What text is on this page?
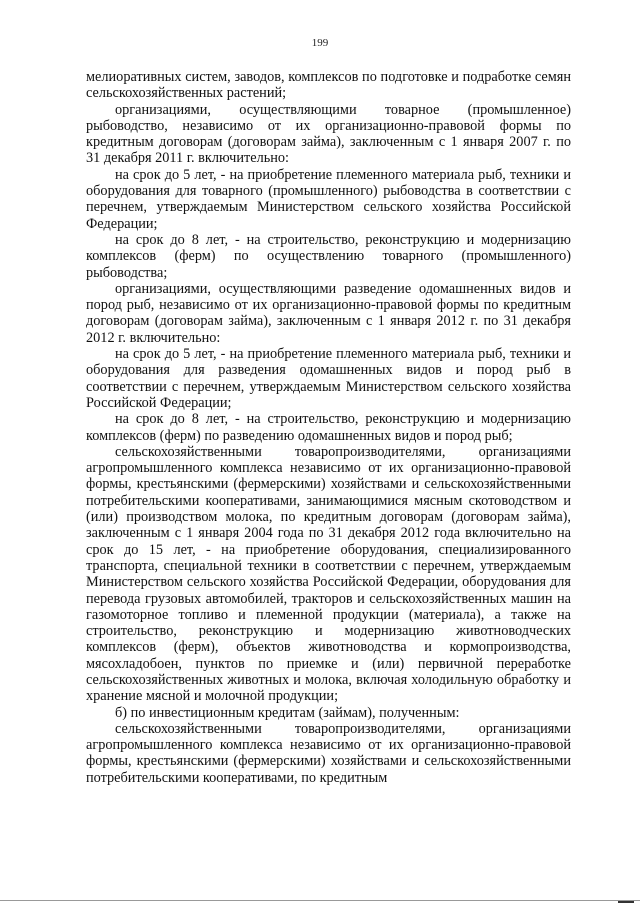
199

мелиоративных систем, заводов, комплексов по подготовке и подработке семян сельскохозяйственных растений;

организациями, осуществляющими товарное (промышленное) рыбоводство, независимо от их организационно-правовой формы по кредитным договорам (договорам займа), заключенным с 1 января 2007 г. по 31 декабря 2011 г. включительно:

на срок до 5 лет, - на приобретение племенного материала рыб, техники и оборудования для товарного (промышленного) рыбоводства в соответствии с перечнем, утверждаемым Министерством сельского хозяйства Российской Федерации;

на срок до 8 лет, - на строительство, реконструкцию и модернизацию комплексов (ферм) по осуществлению товарного (промышленного) рыбоводства;

организациями, осуществляющими разведение одомашненных видов и пород рыб, независимо от их организационно-правовой формы по кредитным договорам (договорам займа), заключенным с 1 января 2012 г. по 31 декабря 2012 г. включительно:

на срок до 5 лет, - на приобретение племенного материала рыб, техники и оборудования для разведения одомашненных видов и пород рыб в соответствии с перечнем, утверждаемым Министерством сельского хозяйства Российской Федерации;

на срок до 8 лет, - на строительство, реконструкцию и модернизацию комплексов (ферм) по разведению одомашненных видов и пород рыб;

сельскохозяйственными товаропроизводителями, организациями агропромышленного комплекса независимо от их организационно-правовой формы, крестьянскими (фермерскими) хозяйствами и сельскохозяйственными потребительскими кооперативами, занимающимися мясным скотоводством и (или) производством молока, по кредитным договорам (договорам займа), заключенным с 1 января 2004 года по 31 декабря 2012 года включительно на срок до 15 лет, - на приобретение оборудования, специализированного транспорта, специальной техники в соответствии с перечнем, утверждаемым Министерством сельского хозяйства Российской Федерации, оборудования для перевода грузовых автомобилей, тракторов и сельскохозяйственных машин на газомоторное топливо и племенной продукции (материала), а также на строительство, реконструкцию и модернизацию животноводческих комплексов (ферм), объектов животноводства и кормопроизводства, мясохладобоен, пунктов по приемке и (или) первичной переработке сельскохозяйственных животных и молока, включая холодильную обработку и хранение мясной и молочной продукции;

б) по инвестиционным кредитам (займам), полученным:

сельскохозяйственными товаропроизводителями, организациями агропромышленного комплекса независимо от их организационно-правовой формы, крестьянскими (фермерскими) хозяйствами и сельскохозяйственными потребительскими кооперативами, по кредитным
